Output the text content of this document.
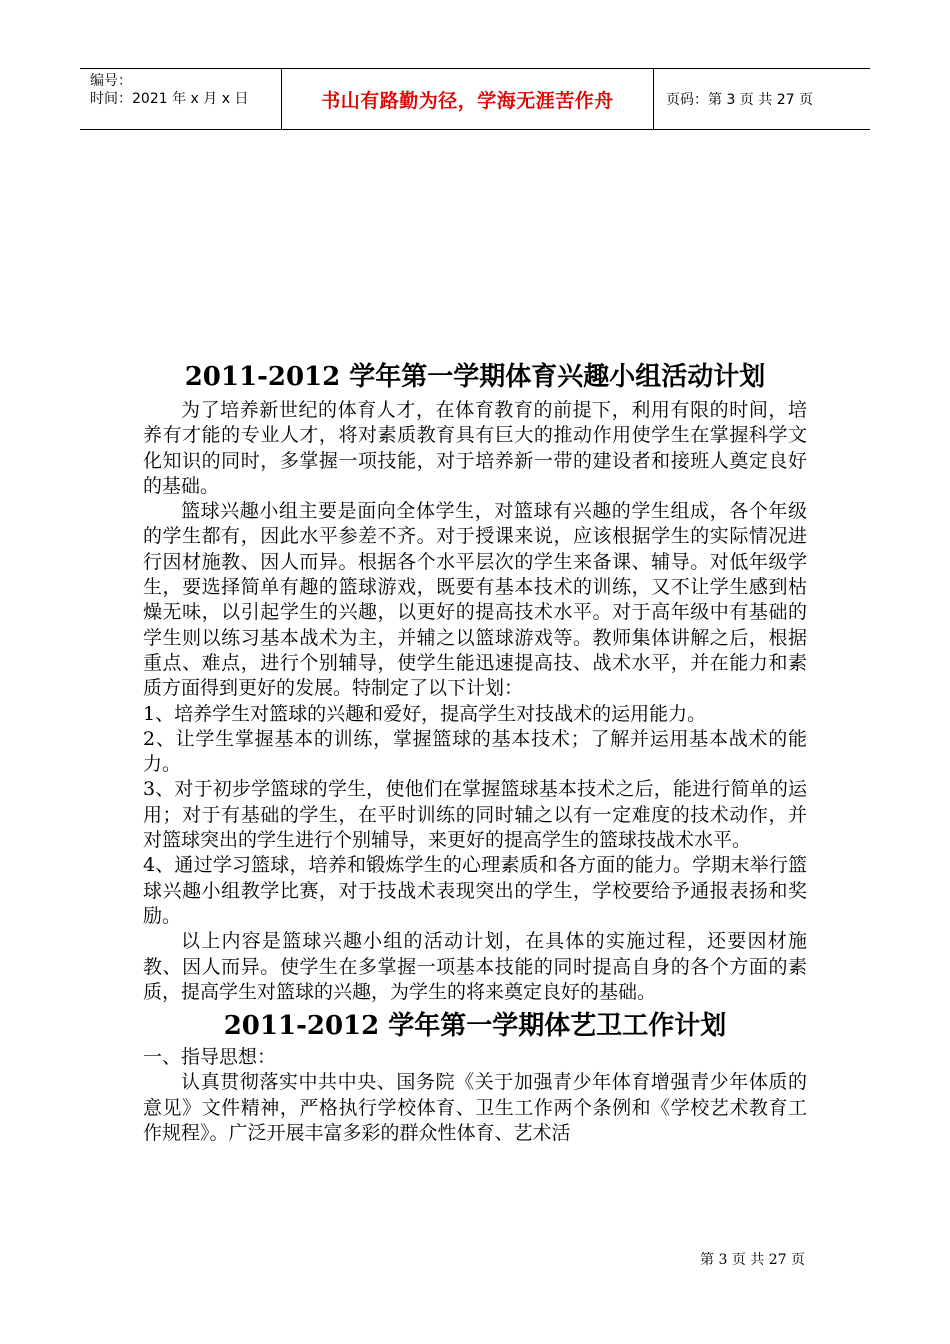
编号：
时间：2021 年 x 月 x 日	书山有路勤为径，学海无涯苦作舟	页码：第 3 页 共 27 页
2011-2012 学年第一学期体育兴趣小组活动计划

为了培养新世纪的体育人才，在体育教育的前提下，利用有限的时间，培养有才能的专业人才，将对素质教育具有巨大的推动作用使学生在掌握科学文化知识的同时，多掌握一项技能，对于培养新一带的建设者和接班人奠定良好的基础。

篮球兴趣小组主要是面向全体学生，对篮球有兴趣的学生组成，各个年级的学生都有，因此水平参差不齐。对于授课来说，应该根据学生的实际情况进行因材施教、因人而异。根据各个水平层次的学生来备课、辅导。对低年级学生，要选择简单有趣的篮球游戏，既要有基本技术的训练，又不让学生感到枯燥无味，以引起学生的兴趣，以更好的提高技术水平。对于高年级中有基础的学生则以练习基本战术为主，并辅之以篮球游戏等。教师集体讲解之后，根据重点、难点，进行个别辅导，使学生能迅速提高技、战术水平，并在能力和素质方面得到更好的发展。特制定了以下计划：

1、培养学生对篮球的兴趣和爱好，提高学生对技战术的运用能力。

2、让学生掌握基本的训练，掌握篮球的基本技术；了解并运用基本战术的能力。

3、对于初步学篮球的学生，使他们在掌握篮球基本技术之后，能进行简单的运用；对于有基础的学生，在平时训练的同时辅之以有一定难度的技术动作，并对篮球突出的学生进行个别辅导，来更好的提高学生的篮球技战术水平。

4、通过学习篮球，培养和锻炼学生的心理素质和各方面的能力。学期末举行篮球兴趣小组教学比赛，对于技战术表现突出的学生，学校要给予通报表扬和奖励。

以上内容是篮球兴趣小组的活动计划，在具体的实施过程，还要因材施教、因人而异。使学生在多掌握一项基本技能的同时提高自身的各个方面的素质，提高学生对篮球的兴趣，为学生的将来奠定良好的基础。

2011-2012 学年第一学期体艺卫工作计划

一、指导思想：

认真贯彻落实中共中央、国务院《关于加强青少年体育增强青少年体质的意见》文件精神，严格执行学校体育、卫生工作两个条例和《学校艺术教育工作规程》。广泛开展丰富多彩的群众性体育、艺术活

第 3 页 共 27 页
